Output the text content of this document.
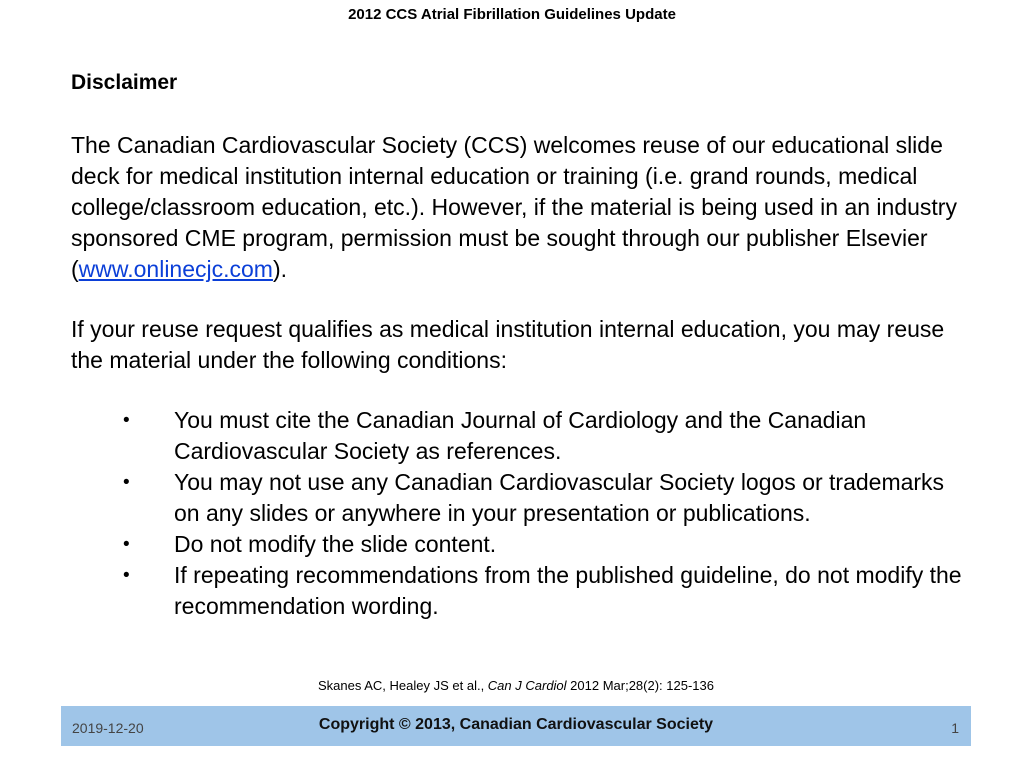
2012 CCS Atrial Fibrillation Guidelines Update
Disclaimer

The Canadian Cardiovascular Society (CCS) welcomes reuse of our educational slide deck for medical institution internal education or training (i.e. grand rounds, medical college/classroom education, etc.). However, if the material is being used in an industry sponsored CME program, permission must be sought through our publisher Elsevier (www.onlinecjc.com).

If your reuse request qualifies as medical institution internal education, you may reuse the material under the following conditions:

• You must cite the Canadian Journal of Cardiology and the Canadian Cardiovascular Society as references.
• You may not use any Canadian Cardiovascular Society logos or trademarks on any slides or anywhere in your presentation or publications.
• Do not modify the slide content.
• If repeating recommendations from the published guideline, do not modify the recommendation wording.
Skanes AC, Healey JS et al., Can J Cardiol 2012 Mar;28(2): 125-136
2019-12-20	Copyright © 2013, Canadian Cardiovascular Society	1
